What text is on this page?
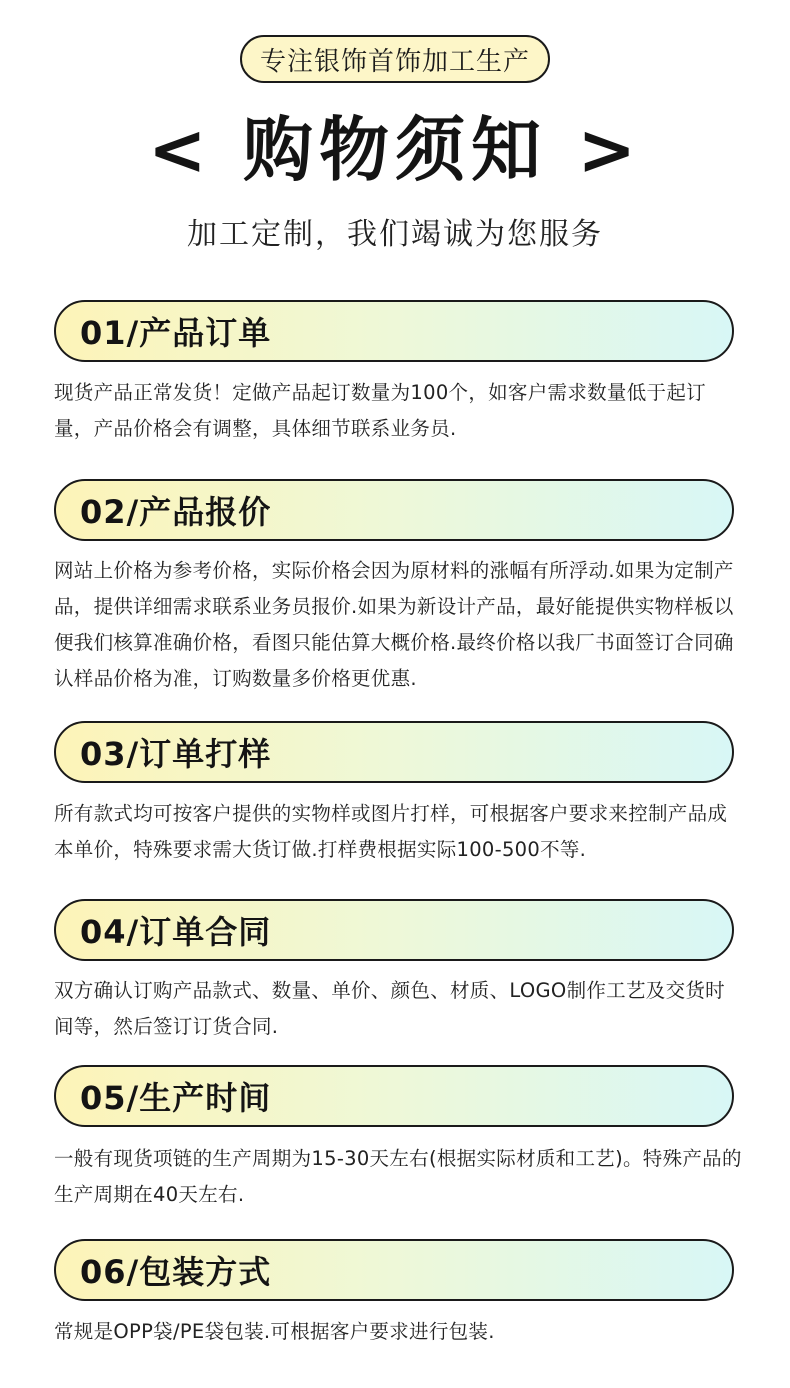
专注银饰首饰加工生产
< 购物须知 >
加工定制，我们竭诚为您服务
01/产品订单
现货产品正常发货！定做产品起订数量为100个，如客户需求数量低于起订量，产品价格会有调整，具体细节联系业务员.
02/产品报价
网站上价格为参考价格，实际价格会因为原材料的涨幅有所浮动.如果为定制产品，提供详细需求联系业务员报价.如果为新设计产品，最好能提供实物样板以便我们核算准确价格，看图只能估算大概价格.最终价格以我厂书面签订合同确认样品价格为准，订购数量多价格更优惠.
03/订单打样
所有款式均可按客户提供的实物样或图片打样，可根据客户要求来控制产品成本单价，特殊要求需大货订做.打样费根据实际100-500不等.
04/订单合同
双方确认订购产品款式、数量、单价、颜色、材质、LOGO制作工艺及交货时间等，然后签订订货合同.
05/生产时间
一般有现货项链的生产周期为15-30天左右(根据实际材质和工艺)。特殊产品的生产周期在40天左右.
06/包装方式
常规是OPP袋/PE袋包装.可根据客户要求进行包装.
